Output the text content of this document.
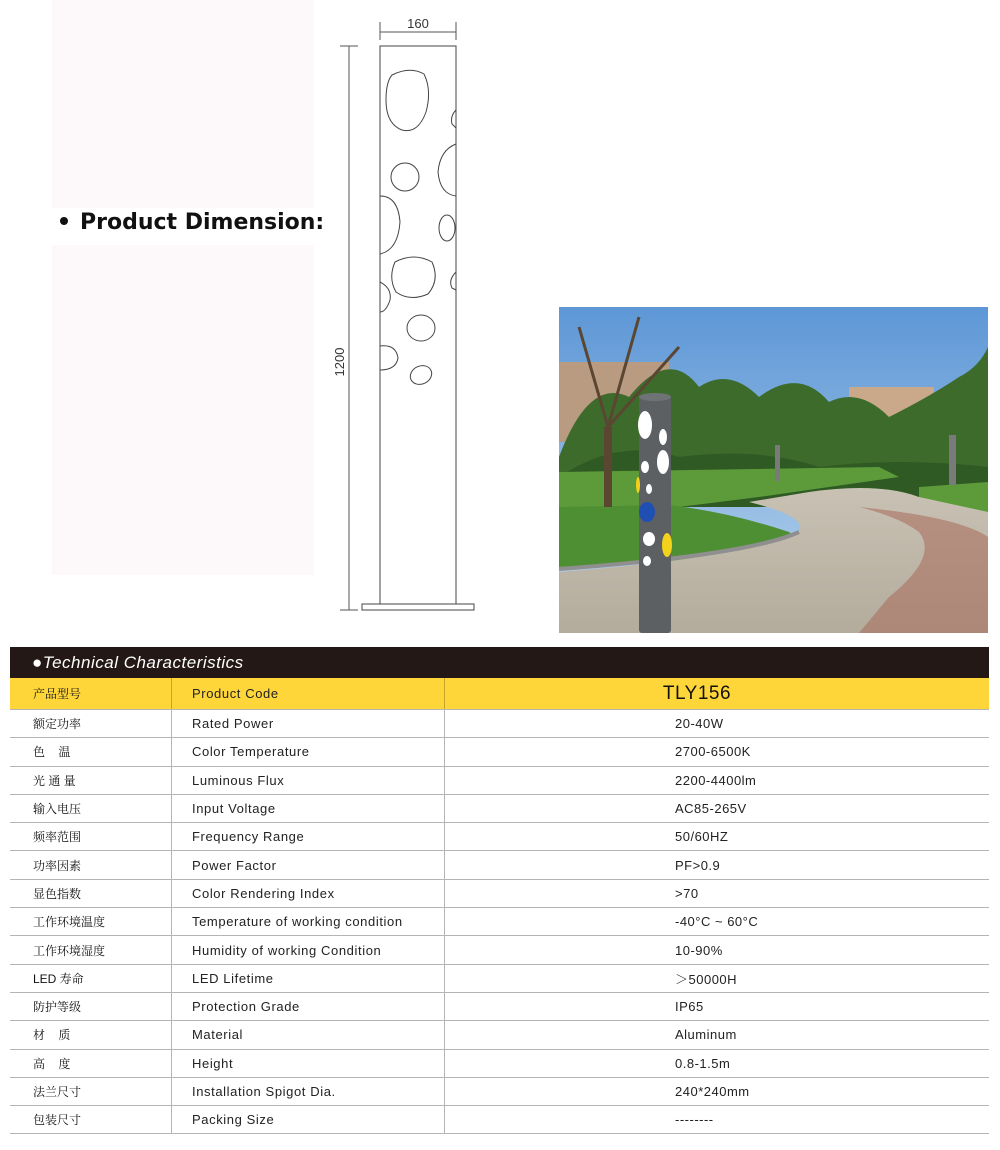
Product Dimension:
160
1200
●Technical Characteristics
产品型号	Product Code	TLY156
额定功率	Rated Power	20-40W
色    温	Color Temperature	2700-6500K
光 通 量	Luminous Flux	2200-4400lm
输入电压	Input Voltage	AC85-265V
频率范围	Frequency Range	50/60HZ
功率因素	Power Factor	PF>0.9
显色指数	Color Rendering Index	>70
工作环境温度	Temperature of working condition	-40°C ~ 60°C
工作环境湿度	Humidity of working Condition	10-90%
LED 寿命	LED Lifetime	＞50000H
防护等级	Protection Grade	IP65
材    质	Material	Aluminum
高    度	Height	0.8-1.5m
法兰尺寸	Installation Spigot Dia.	240*240mm
包装尺寸	Packing Size	--------
